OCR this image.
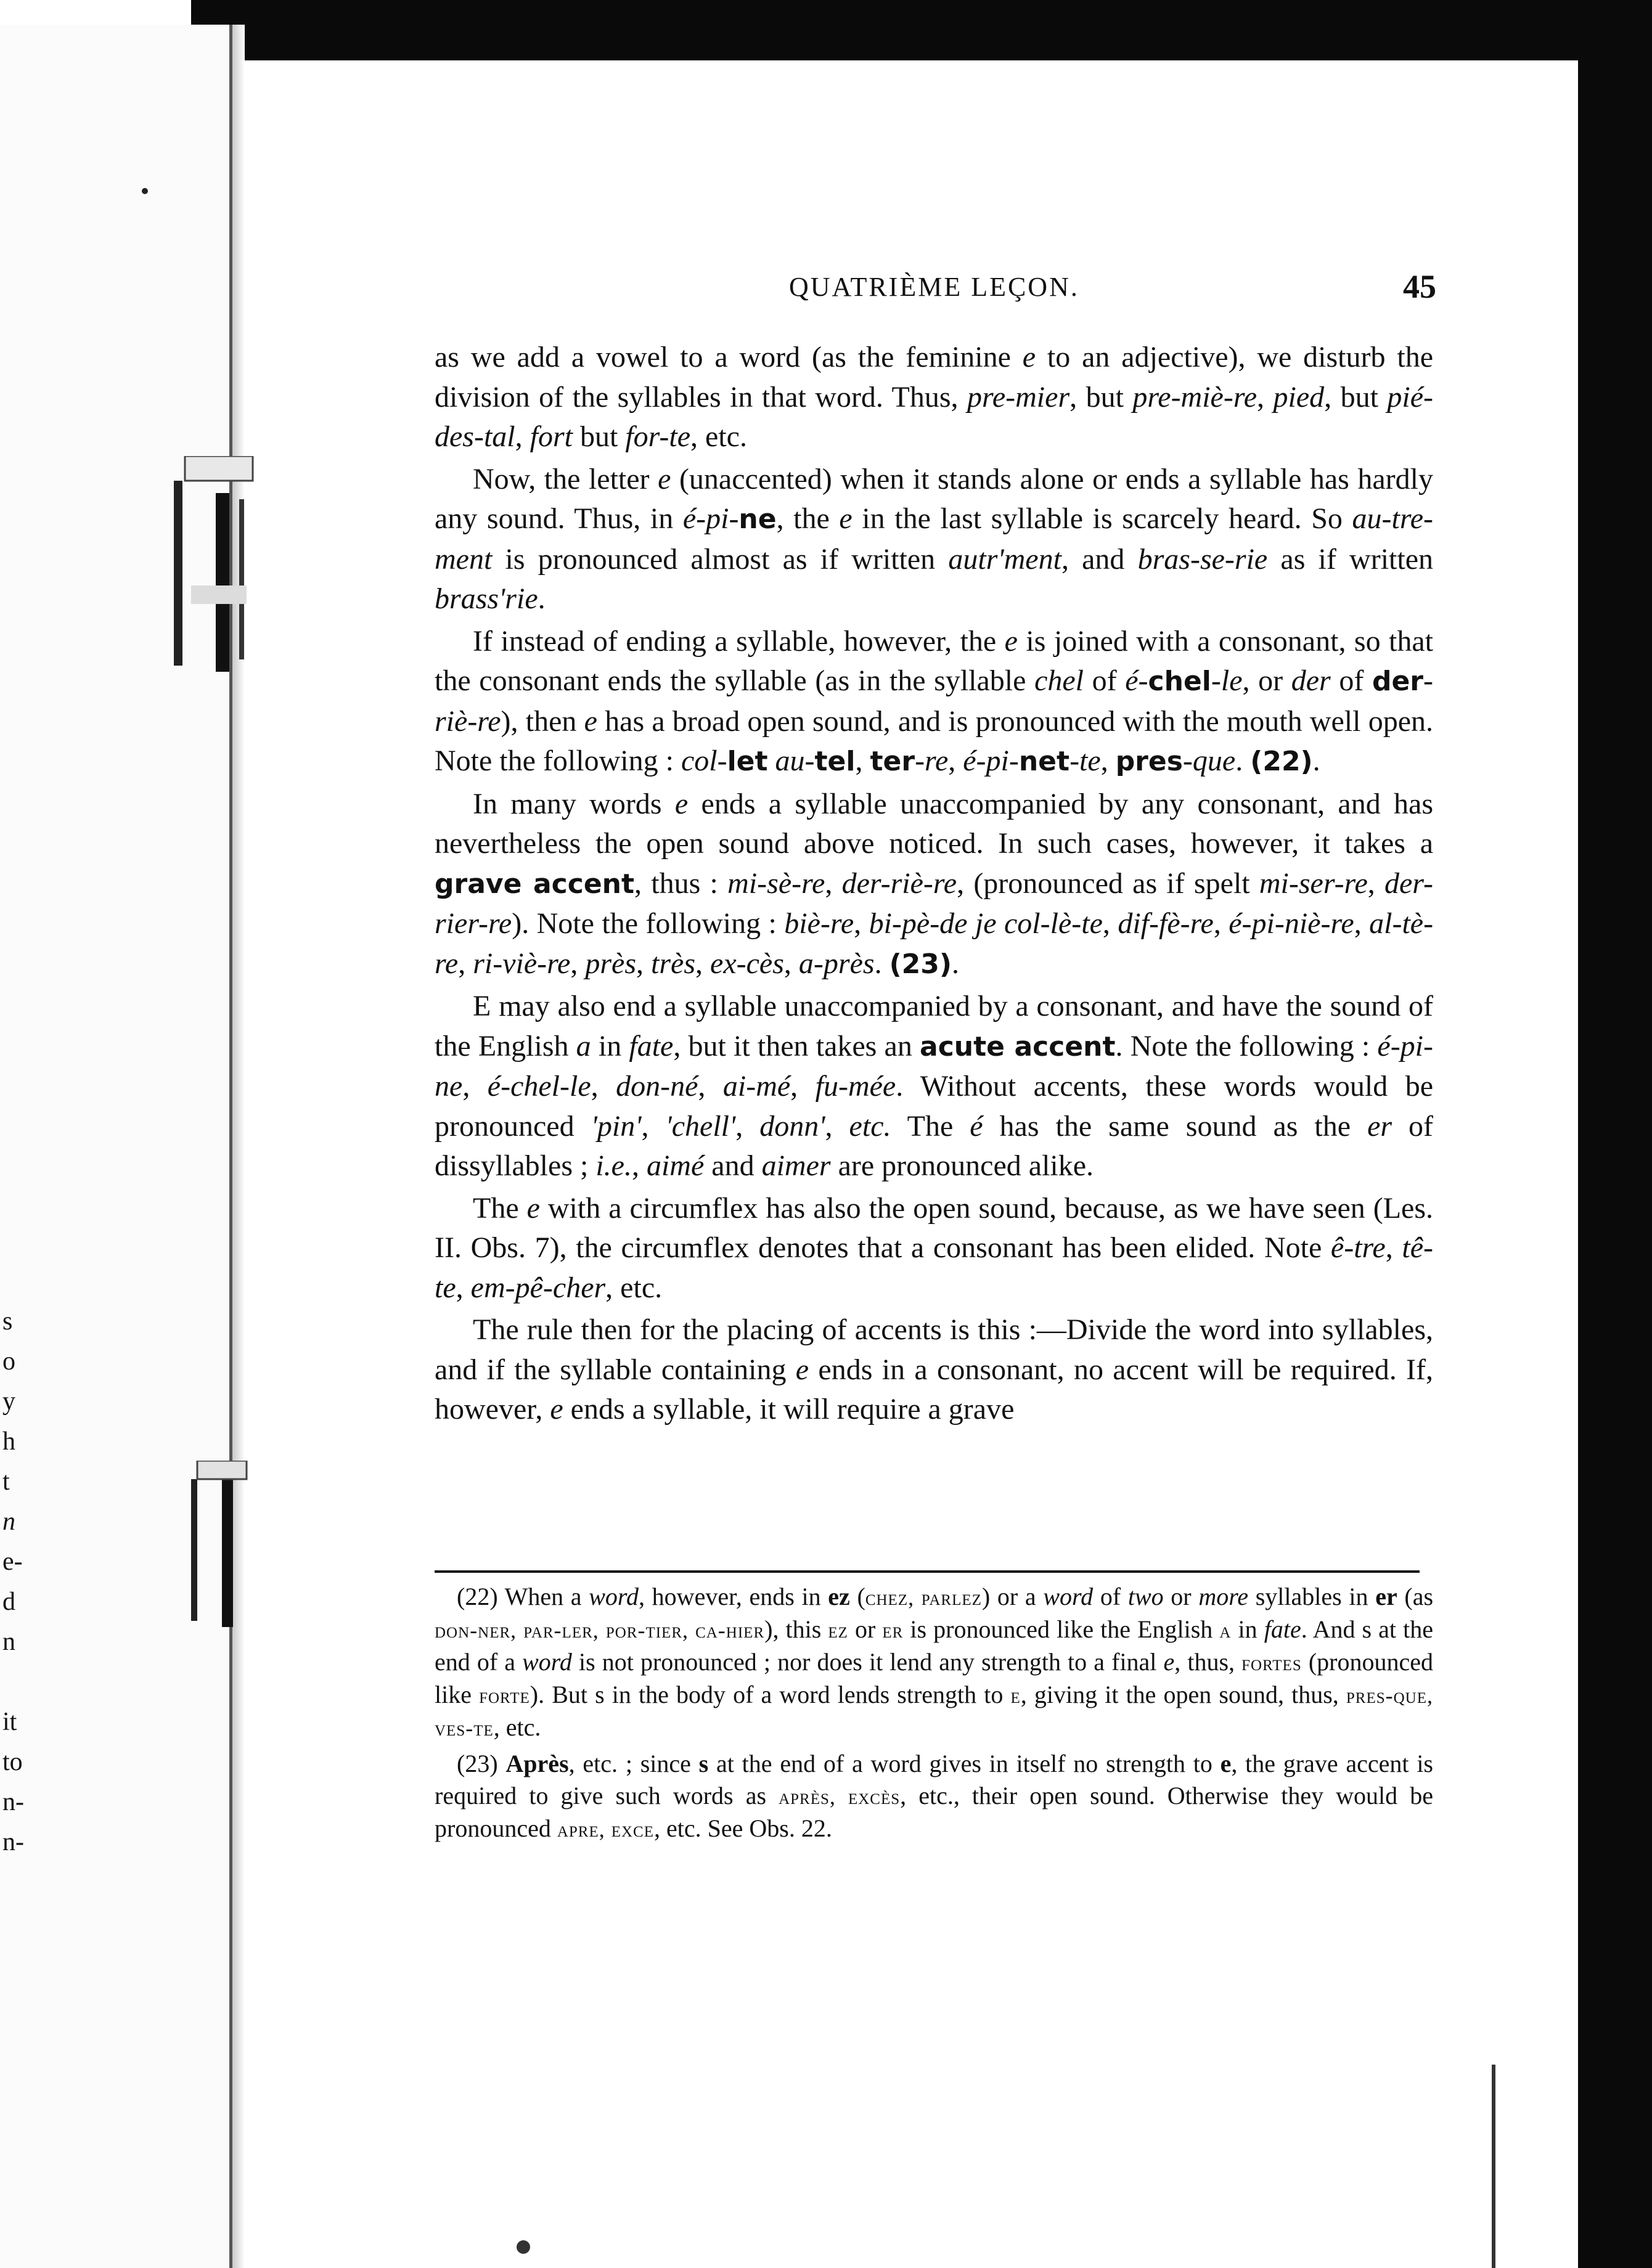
s
o
y
h
t
n
e-
d
n
it
to
n-
n-
QUATRIÈME LEÇON.	45

as we add a vowel to a word (as the feminine e to an adjective), we disturb the division of the syllables in that word. Thus, pre-mier, but pre-miè-re, pied, but pié-des-tal, fort but for-te, etc.

Now, the letter e (unaccented) when it stands alone or ends a syllable has hardly any sound. Thus, in é-pi-ne, the e in the last syllable is scarcely heard. So au-tre-ment is pronounced almost as if written autr'ment, and bras-se-rie as if written brass'rie.

If instead of ending a syllable, however, the e is joined with a consonant, so that the consonant ends the syllable (as in the syllable chel of é-chel-le, or der of der-riè-re), then e has a broad open sound, and is pronounced with the mouth well open. Note the following : col-let au-tel, ter-re, é-pi-net-te, pres-que. (22).

In many words e ends a syllable unaccompanied by any consonant, and has nevertheless the open sound above noticed. In such cases, however, it takes a grave accent, thus : mi-sè-re, der-riè-re, (pronounced as if spelt mi-ser-re, der-rier-re). Note the following : biè-re, bi-pè-de je col-lè-te, dif-fè-re, é-pi-niè-re, al-tè-re, ri-viè-re, près, très, ex-cès, a-près. (23).

E may also end a syllable unaccompanied by a consonant, and have the sound of the English a in fate, but it then takes an acute accent. Note the following : é-pi-ne, é-chel-le, don-né, ai-mé, fu-mée. Without accents, these words would be pronounced 'pin', 'chell', donn', etc. The é has the same sound as the er of dissyllables ; i.e., aimé and aimer are pronounced alike.

The e with a circumflex has also the open sound, because, as we have seen (Les. II. Obs. 7), the circumflex denotes that a consonant has been elided. Note ê-tre, tê-te, em-pê-cher, etc.

The rule then for the placing of accents is this :—Divide the word into syllables, and if the syllable containing e ends in a consonant, no accent will be required. If, however, e ends a syllable, it will require a grave

(22) When a word, however, ends in ez (chez, parlez) or a word of two or more syllables in er (as don-ner, par-ler, por-tier, ca-hier), this ez or er is pronounced like the English a in fate. And s at the end of a word is not pronounced ; nor does it lend any strength to a final e, thus, fortes (pronounced like forte). But s in the body of a word lends strength to e, giving it the open sound, thus, pres-que, ves-te, etc.

(23) Après, etc. ; since s at the end of a word gives in itself no strength to e, the grave accent is required to give such words as après, excès, etc., their open sound. Otherwise they would be pronounced apre, exce, etc. See Obs. 22.
